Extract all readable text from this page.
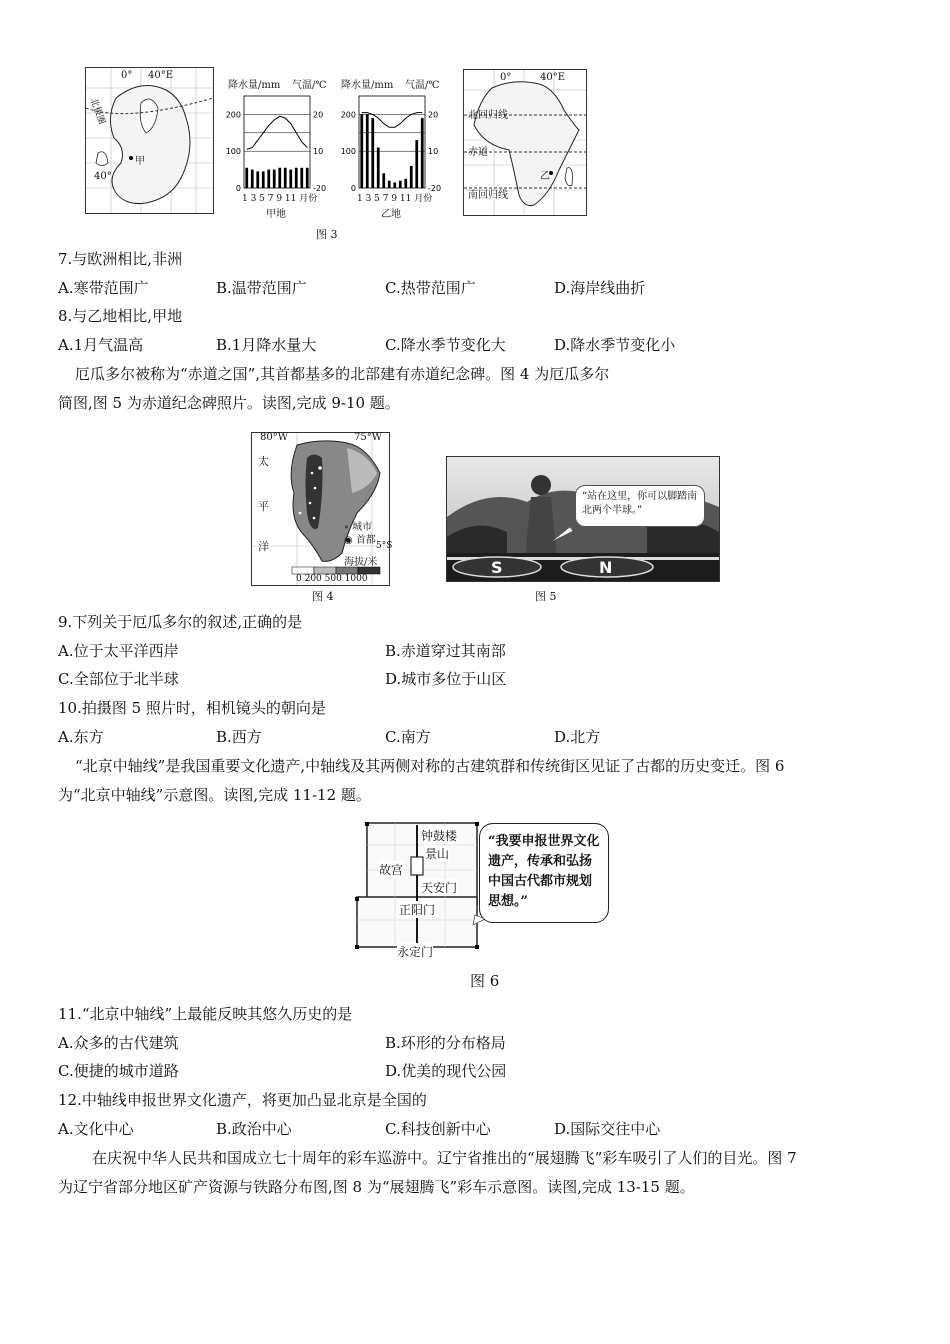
0° 40°E
北极圈
甲
40°
降水量/mm 气温/℃
200
100
0
20
10
-20
1 3 5 7 9 11 月份
甲地
降水量/mm 气温/℃
200
100
0
20
10
-20
1 3 5 7 9 11 月份
乙地
0°	40°E
北回归线
赤道
乙
南回归线
图 3
7.与欧洲相比,非洲
A.寒带范围广	B.温带范围广	C.热带范围广	D.海岸线曲折
8.与乙地相比,甲地
A.1月气温高	B.1月降水量大	C.降水季节变化大	D.降水季节变化小
厄瓜多尔被称为“赤道之国”,其首都基多的北部建有赤道纪念碑。图 4 为厄瓜多尔
简图,图 5 为赤道纪念碑照片。读图,完成 9-10 题。
80°W	75°W
太
平
洋
∘ 城市
◉ 首都 5°S
海拔/米
0 200 500 1000
图 4
“站在这里，你可以脚踏南北两个半球。”
S	N
图 5
9.下列关于厄瓜多尔的叙述,正确的是
A.位于太平洋西岸	B.赤道穿过其南部
C.全部位于北半球	D.城市多位于山区
10.拍摄图 5 照片时，相机镜头的朝向是
A.东方	B.西方	C.南方	D.北方
“北京中轴线”是我国重要文化遗产,中轴线及其两侧对称的古建筑群和传统街区见证了古都的历史变迁。图 6
为“北京中轴线”示意图。读图,完成 11-12 题。
钟鼓楼
景山
故宫
天安门
正阳门
永定门
“我要申报世界文化遗产，传承和弘扬中国古代都市规划思想。”
图 6
11.“北京中轴线”上最能反映其悠久历史的是
A.众多的古代建筑	B.环形的分布格局
C.便捷的城市道路	D.优美的现代公园
12.中轴线申报世界文化遗产，将更加凸显北京是全国的
A.文化中心	B.政治中心	C.科技创新中心	D.国际交往中心
在庆祝中华人民共和国成立七十周年的彩车巡游中。辽宁省推出的“展翅腾飞”彩车吸引了人们的目光。图 7
为辽宁省部分地区矿产资源与铁路分布图,图 8 为“展翅腾飞”彩车示意图。读图,完成 13-15 题。
